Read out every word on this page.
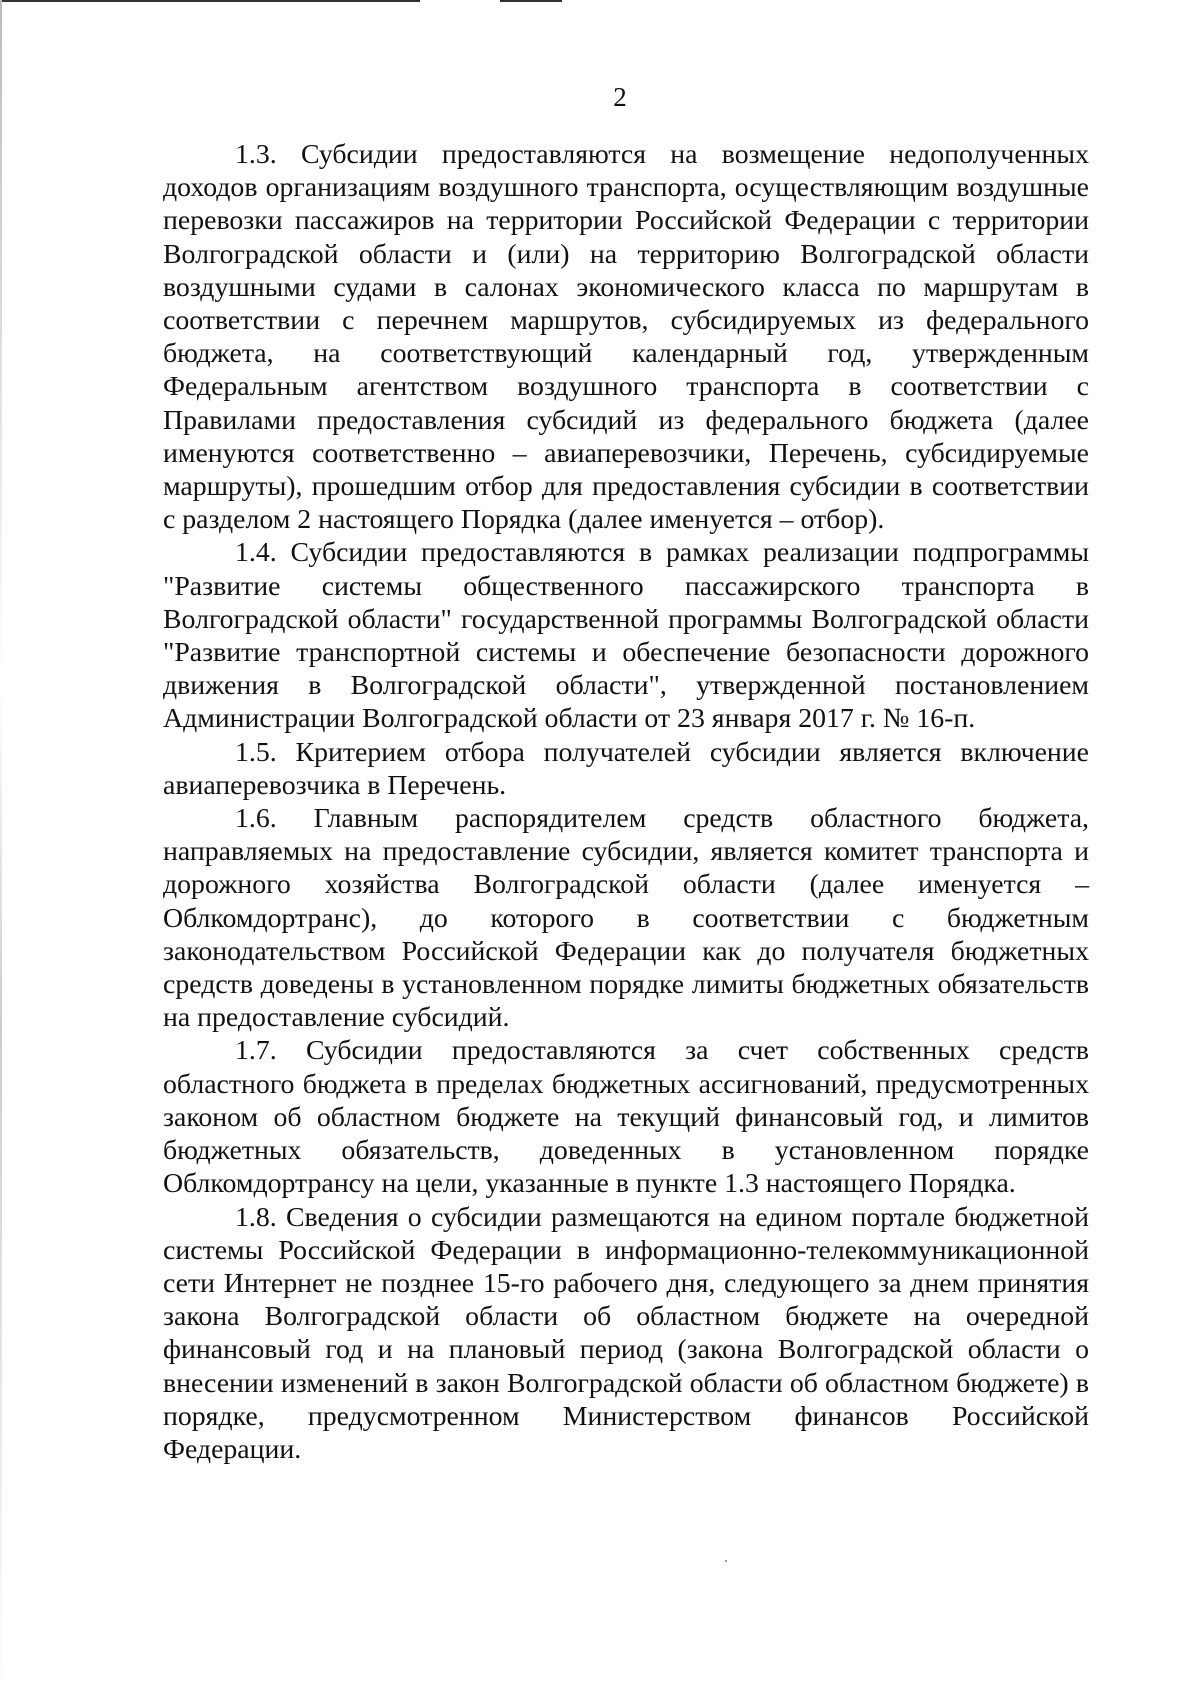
2

1.3. Субсидии предоставляются на возмещение недополученных доходов организациям воздушного транспорта, осуществляющим воздушные перевозки пассажиров на территории Российской Федерации с территории Волгоградской области и (или) на территорию Волгоградской области воздушными судами в салонах экономического класса по маршрутам в соответствии с перечнем маршрутов, субсидируемых из федерального бюджета, на соответствующий календарный год, утвержденным Федеральным агентством воздушного транспорта в соответствии с Правилами предоставления субсидий из федерального бюджета (далее именуются соответственно – авиаперевозчики, Перечень, субсидируемые маршруты), прошедшим отбор для предоставления субсидии в соответствии с разделом 2 настоящего Порядка (далее именуется – отбор).

1.4. Субсидии предоставляются в рамках реализации подпрограммы "Развитие системы общественного пассажирского транспорта в Волгоградской области" государственной программы Волгоградской области "Развитие транспортной системы и обеспечение безопасности дорожного движения в Волгоградской области", утвержденной постановлением Администрации Волгоградской области от 23 января 2017 г. № 16-п.

1.5. Критерием отбора получателей субсидии является включение авиаперевозчика в Перечень.

1.6. Главным распорядителем средств областного бюджета, направляемых на предоставление субсидии, является комитет транспорта и дорожного хозяйства Волгоградской области (далее именуется – Облкомдортранс), до которого в соответствии с бюджетным законодательством Российской Федерации как до получателя бюджетных средств доведены в установленном порядке лимиты бюджетных обязательств на предоставление субсидий.

1.7. Субсидии предоставляются за счет собственных средств областного бюджета в пределах бюджетных ассигнований, предусмотренных законом об областном бюджете на текущий финансовый год, и лимитов бюджетных обязательств, доведенных в установленном порядке Облкомдортрансу на цели, указанные в пункте 1.3 настоящего Порядка.

1.8. Сведения о субсидии размещаются на едином портале бюджетной системы Российской Федерации в информационно-телекоммуникационной сети Интернет не позднее 15-го рабочего дня, следующего за днем принятия закона Волгоградской области об областном бюджете на очередной финансовый год и на плановый период (закона Волгоградской области о внесении изменений в закон Волгоградской области об областном бюджете) в порядке, предусмотренном Министерством финансов Российской Федерации.
